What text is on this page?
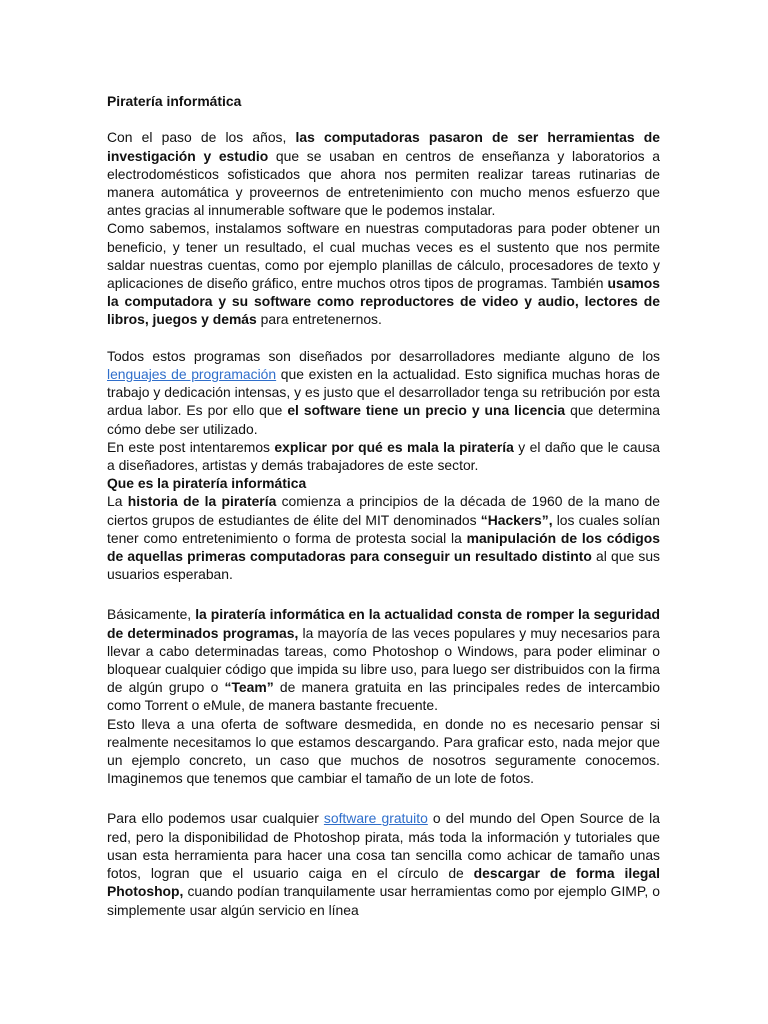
Piratería informática

Con el paso de los años, las computadoras pasaron de ser herramientas de investigación y estudio que se usaban en centros de enseñanza y laboratorios a electrodomésticos sofisticados que ahora nos permiten realizar tareas rutinarias de manera automática y proveernos de entretenimiento con mucho menos esfuerzo que antes gracias al innumerable software que le podemos instalar.

Como sabemos, instalamos software en nuestras computadoras para poder obtener un beneficio, y tener un resultado, el cual muchas veces es el sustento que nos permite saldar nuestras cuentas, como por ejemplo planillas de cálculo, procesadores de texto y aplicaciones de diseño gráfico, entre muchos otros tipos de programas. También usamos la computadora y su software como reproductores de video y audio, lectores de libros, juegos y demás para entretenernos.

Todos estos programas son diseñados por desarrolladores mediante alguno de los lenguajes de programación que existen en la actualidad. Esto significa muchas horas de trabajo y dedicación intensas, y es justo que el desarrollador tenga su retribución por esta ardua labor. Es por ello que el software tiene un precio y una licencia que determina cómo debe ser utilizado.

En este post intentaremos explicar por qué es mala la piratería y el daño que le causa a diseñadores, artistas y demás trabajadores de este sector.

Que es la piratería informática

La historia de la piratería comienza a principios de la década de 1960 de la mano de ciertos grupos de estudiantes de élite del MIT denominados “Hackers”, los cuales solían tener como entretenimiento o forma de protesta social la manipulación de los códigos de aquellas primeras computadoras para conseguir un resultado distinto al que sus usuarios esperaban.

Básicamente, la piratería informática en la actualidad consta de romper la seguridad de determinados programas, la mayoría de las veces populares y muy necesarios para llevar a cabo determinadas tareas, como Photoshop o Windows, para poder eliminar o bloquear cualquier código que impida su libre uso, para luego ser distribuidos con la firma de algún grupo o “Team” de manera gratuita en las principales redes de intercambio como Torrent o eMule, de manera bastante frecuente.

Esto lleva a una oferta de software desmedida, en donde no es necesario pensar si realmente necesitamos lo que estamos descargando. Para graficar esto, nada mejor que un ejemplo concreto, un caso que muchos de nosotros seguramente conocemos. Imaginemos que tenemos que cambiar el tamaño de un lote de fotos.

Para ello podemos usar cualquier software gratuito o del mundo del Open Source de la red, pero la disponibilidad de Photoshop pirata, más toda la información y tutoriales que usan esta herramienta para hacer una cosa tan sencilla como achicar de tamaño unas fotos, logran que el usuario caiga en el círculo de descargar de forma ilegal Photoshop, cuando podían tranquilamente usar herramientas como por ejemplo GIMP, o simplemente usar algún servicio en línea
